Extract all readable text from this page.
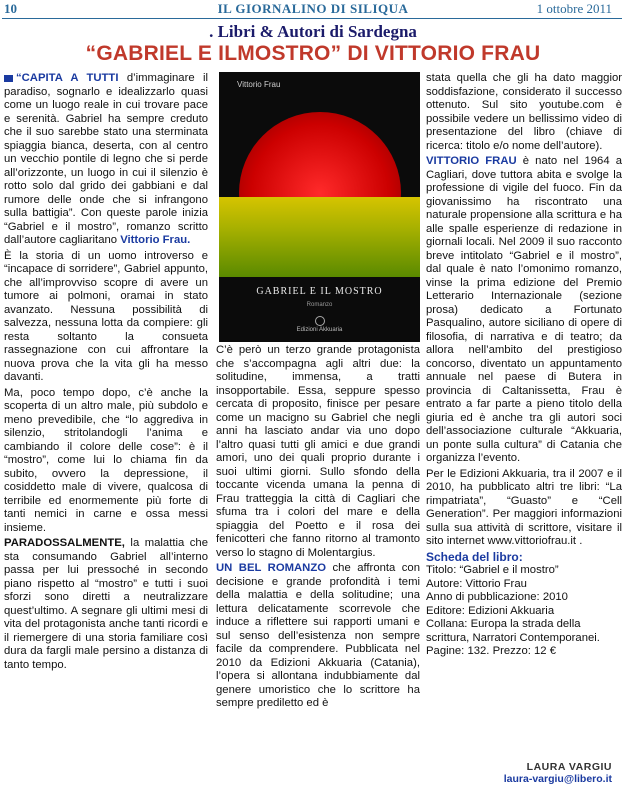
10	IL GIORNALINO DI SILIQUA	1 ottobre 2011
. Libri & Autori di Sardegna
“GABRIEL E ILMOSTRO” DI VITTORIO FRAU

“CAPITA A TUTTI d’immaginare il paradiso, sognarlo e idealizzarlo quasi come un luogo reale in cui trovare pace e serenità. Gabriel ha sempre creduto che il suo sarebbe stato una sterminata spiaggia bianca, deserta, con al centro un vecchio pontile di legno che si perde all’orizzonte, un luogo in cui il silenzio è rotto solo dal grido dei gabbiani e dal rumore delle onde che si infrangono sulla battigia”. Con queste parole inizia “Gabriel e il mostro”, romanzo scritto dall’autore cagliaritano Vittorio Frau.

È la storia di un uomo introverso e “incapace di sorridere”, Gabriel appunto, che all’improvviso scopre di avere un tumore ai polmoni, oramai in stato avanzato. Nessuna possibilità di salvezza, nessuna lotta da compiere: gli resta soltanto la consueta rassegnazione con cui affrontare la nuova prova che la vita gli ha messo davanti.

Ma, poco tempo dopo, c’è anche la scoperta di un altro male, più subdolo e meno prevedibile, che “lo aggrediva in silenzio, stritolandogli l’anima e cambiando il colore delle cose”: è il “mostro”, come lui lo chiama fin da subito, ovvero la depressione, il cosiddetto male di vivere, qualcosa di terribile ed enormemente più forte di tanti nemici in carne e ossa messi insieme.

PARADOSSALMENTE, la malattia che sta consumando Gabriel all’interno passa per lui pressoché in secondo piano rispetto al “mostro” e tutti i suoi sforzi sono diretti a neutralizzare quest’ultimo. A segnare gli ultimi mesi di vita del protagonista anche tanti ricordi e il riemergere di una storia familiare così dura da fargli male persino a distanza di tanto tempo.

Vittorio Frau
GABRIEL E IL MOSTRO
Romanzo
Edizioni Akkuaria

C’è però un terzo grande protagonista che s’accompagna agli altri due: la solitudine, immensa, a tratti insopportabile. Essa, seppure spesso cercata di proposito, finisce per pesare come un macigno su Gabriel che negli anni ha lasciato andar via uno dopo l’altro quasi tutti gli amici e due grandi amori, uno dei quali proprio durante i suoi ultimi giorni. Sullo sfondo della toccante vicenda umana la penna di Frau tratteggia la città di Cagliari che sfuma tra i colori del mare e della spiaggia del Poetto e il rosa dei fenicotteri che fanno ritorno al tramonto verso lo stagno di Molentargius.

UN BEL ROMANZO che affronta con decisione e grande profondità i temi della malattia e della solitudine; una lettura delicatamente scorrevole che induce a riflettere sui rapporti umani e sul senso dell’esistenza non sempre facile da comprendere. Pubblicata nel 2010 da Edizioni Akkuaria (Catania), l’opera si allontana indubbiamente dal genere umoristico che lo scrittore ha sempre prediletto ed è

stata quella che gli ha dato maggior soddisfazione, considerato il successo ottenuto. Sul sito youtube.com è possibile vedere un bellissimo video di presentazione del libro (chiave di ricerca: titolo e/o nome dell’autore).

VITTORIO FRAU è nato nel 1964 a Cagliari, dove tuttora abita e svolge la professione di vigile del fuoco. Fin da giovanissimo ha riscontrato una naturale propensione alla scrittura e ha alle spalle esperienze di redazione in giornali locali. Nel 2009 il suo racconto breve intitolato “Gabriel e il mostro”, dal quale è nato l’omonimo romanzo, vinse la prima edizione del Premio Letterario Internazionale (sezione prosa) dedicato a Fortunato Pasqualino, autore siciliano di opere di filosofia, di narrativa e di teatro; da allora nell’ambito del prestigioso concorso, diventato un appuntamento annuale nel paese di Butera in provincia di Caltanissetta, Frau è entrato a far parte a pieno titolo della giuria ed è anche tra gli autori soci dell’associazione culturale “Akkuaria, un ponte sulla cultura” di Catania che organizza l’evento.

Per le Edizioni Akkuaria, tra il 2007 e il 2010, ha pubblicato altri tre libri: “La rimpatriata”, “Guasto” e “Cell Generation”. Per maggiori informazioni sulla sua attività di scrittore, visitare il sito internet www.vittoriofrau.it .

Scheda del libro:

Titolo: “Gabriel e il mostro”

Autore: Vittorio Frau

Anno di pubblicazione: 2010

Editore: Edizioni Akkuaria

Collana: Europa la strada della scrittura, Narratori Contemporanei. Pagine: 132. Prezzo: 12 €

LAURA VARGIU
laura-vargiu@libero.it
